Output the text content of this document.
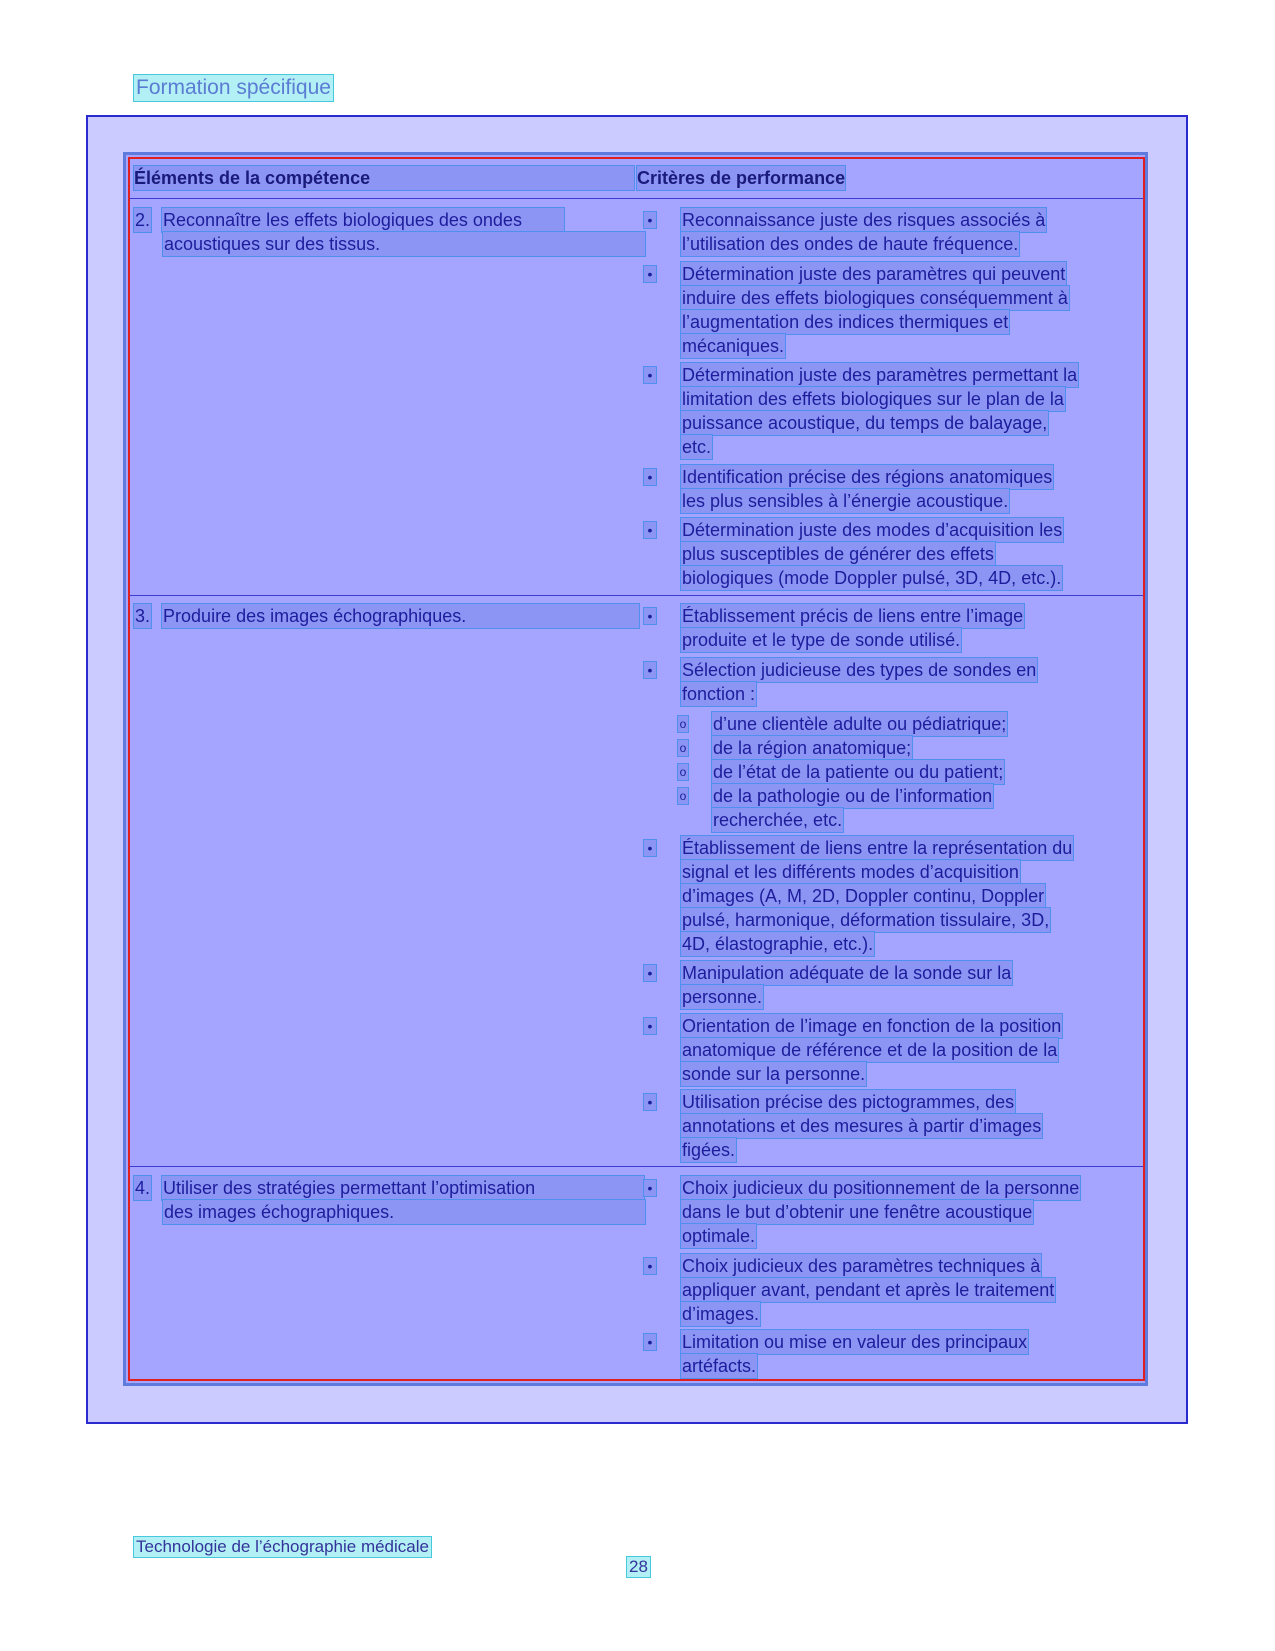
Formation spécifique
Éléments de la compétence	Critères de performance
2. Reconnaître les effets biologiques des ondes
acoustiques sur des tissus.
• Reconnaissance juste des risques associés à
l’utilisation des ondes de haute fréquence.
• Détermination juste des paramètres qui peuvent
induire des effets biologiques conséquemment à
l’augmentation des indices thermiques et
mécaniques.
• Détermination juste des paramètres permettant la
limitation des effets biologiques sur le plan de la
puissance acoustique, du temps de balayage,
etc.
• Identification précise des régions anatomiques
les plus sensibles à l’énergie acoustique.
• Détermination juste des modes d’acquisition les
plus susceptibles de générer des effets
biologiques (mode Doppler pulsé, 3D, 4D, etc.).
3. Produire des images échographiques.	• Établissement précis de liens entre l’image
produite et le type de sonde utilisé.
• Sélection judicieuse des types de sondes en
fonction :
• Établissement de liens entre la représentation du
signal et les différents modes d’acquisition
d’images (A, M, 2D, Doppler continu, Doppler
pulsé, harmonique, déformation tissulaire, 3D,
4D, élastographie, etc.).
• Manipulation adéquate de la sonde sur la
personne.
• Orientation de l’image en fonction de la position
anatomique de référence et de la position de la
sonde sur la personne.
• Utilisation précise des pictogrammes, des
annotations et des mesures à partir d’images
figées.
o d’une clientèle adulte ou pédiatrique;
o de la région anatomique;
o de l’état de la patiente ou du patient;
o de la pathologie ou de l’information
recherchée, etc.
4. Utiliser des stratégies permettant l’optimisation
des images échographiques.
• Choix judicieux du positionnement de la personne
dans le but d’obtenir une fenêtre acoustique
optimale.
• Choix judicieux des paramètres techniques à
appliquer avant, pendant et après le traitement
d’images.
• Limitation ou mise en valeur des principaux
artéfacts.
Technologie de l’échographie médicale
28
